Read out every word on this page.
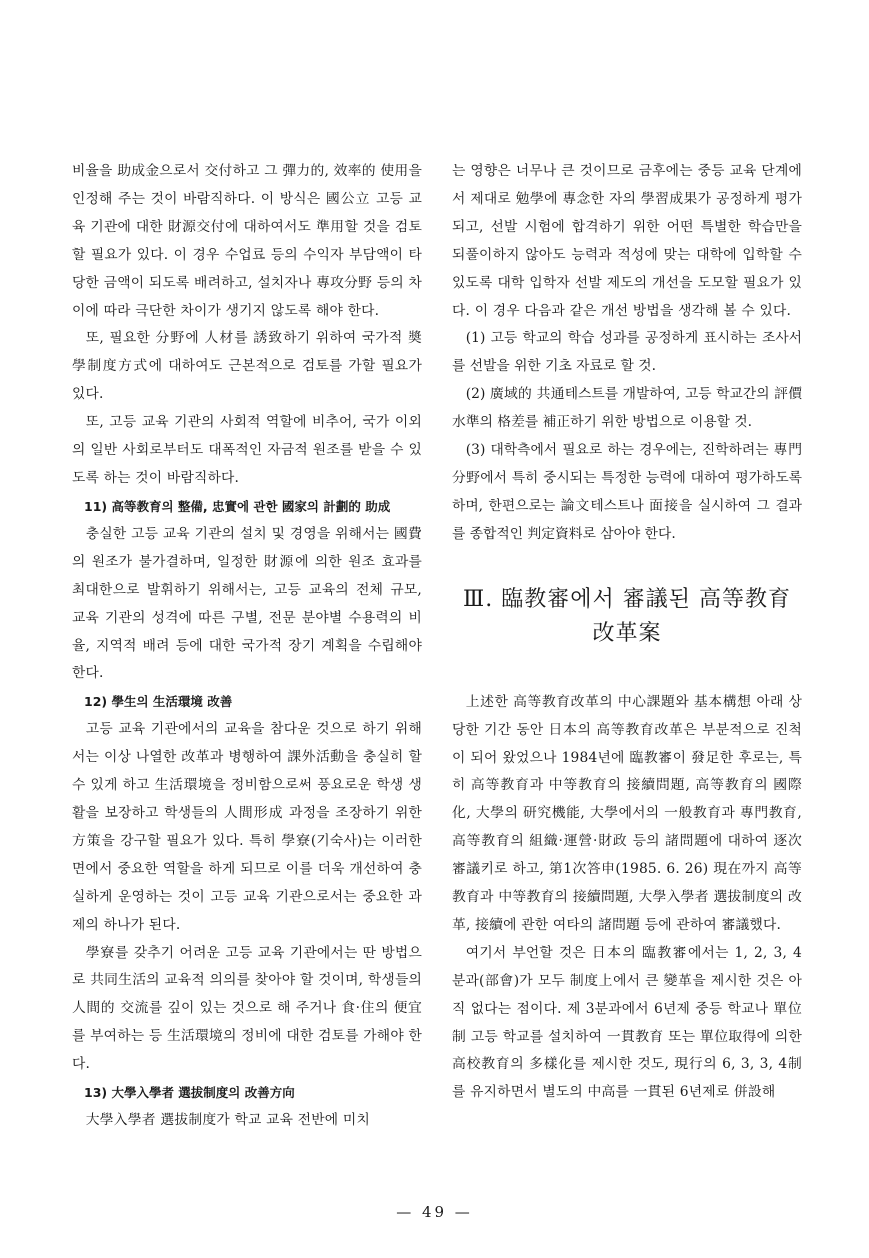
비율을 助成金으로서 交付하고 그 彈力的, 效率的 使用을 인정해 주는 것이 바람직하다. 이 방식은 國公立 고등 교육 기관에 대한 財源交付에 대하여서도 準用할 것을 검토할 필요가 있다. 이 경우 수업료 등의 수익자 부담액이 타당한 금액이 되도록 배려하고, 설치자나 專攻分野 등의 차이에 따라 극단한 차이가 생기지 않도록 해야 한다.

또, 필요한 分野에 人材를 誘致하기 위하여 국가적 奬學制度方式에 대하여도 근본적으로 검토를 가할 필요가 있다.

또, 고등 교육 기관의 사회적 역할에 비추어, 국가 이외의 일반 사회로부터도 대폭적인 자금적 원조를 받을 수 있도록 하는 것이 바람직하다.

11) 高等教育의 整備, 忠實에 관한 國家의 計劃的 助成

충실한 고등 교육 기관의 설치 및 경영을 위해서는 國費의 원조가 불가결하며, 일정한 財源에 의한 원조 효과를 최대한으로 발휘하기 위해서는, 고등 교육의 전체 규모, 교육 기관의 성격에 따른 구별, 전문 분야별 수용력의 비율, 지역적 배려 등에 대한 국가적 장기 계획을 수립해야 한다.

12) 學生의 生活環境 改善

고등 교육 기관에서의 교육을 참다운 것으로 하기 위해서는 이상 나열한 改革과 병행하여 課外活動을 충실히 할 수 있게 하고 生活環境을 정비함으로써 풍요로운 학생 생활을 보장하고 학생들의 人間形成 과정을 조장하기 위한 方策을 강구할 필요가 있다. 특히 學寮(기숙사)는 이러한 면에서 중요한 역할을 하게 되므로 이를 더욱 개선하여 충실하게 운영하는 것이 고등 교육 기관으로서는 중요한 과제의 하나가 된다.

學寮를 갖추기 어려운 고등 교육 기관에서는 딴 방법으로 共同生活의 교육적 의의를 찾아야 할 것이며, 학생들의 人間的 交流를 깊이 있는 것으로 해 주거나 食·住의 便宜를 부여하는 등 生活環境의 정비에 대한 검토를 가해야 한다.

13) 大學入學者 選拔制度의 改善方向

大學入學者 選拔制度가 학교 교육 전반에 미치

는 영향은 너무나 큰 것이므로 금후에는 중등 교육 단계에서 제대로 勉學에 專念한 자의 學習成果가 공정하게 평가되고, 선발 시험에 합격하기 위한 어떤 특별한 학습만을 되풀이하지 않아도 능력과 적성에 맞는 대학에 입학할 수 있도록 대학 입학자 선발 제도의 개선을 도모할 필요가 있다. 이 경우 다음과 같은 개선 방법을 생각해 볼 수 있다.

(1) 고등 학교의 학습 성과를 공정하게 표시하는 조사서를 선발을 위한 기초 자료로 할 것.

(2) 廣域的 共通테스트를 개발하여, 고등 학교간의 評價水準의 格差를 補正하기 위한 방법으로 이용할 것.

(3) 대학측에서 필요로 하는 경우에는, 진학하려는 專門分野에서 특히 중시되는 특정한 능력에 대하여 평가하도록 하며, 한편으로는 論文테스트나 面接을 실시하여 그 결과를 종합적인 判定資料로 삼아야 한다.

Ⅲ. 臨教審에서 審議된 高等教育
改革案

上述한 高等教育改革의 中心課題와 基本構想 아래 상당한 기간 동안 日本의 高等教育改革은 부분적으로 진척이 되어 왔었으나 1984년에 臨教審이 發足한 후로는, 특히 高等教育과 中等教育의 接續問題, 高等教育의 國際化, 大學의 研究機能, 大學에서의 一般教育과 專門教育, 高等教育의 組織·運營·財政 등의 諸問題에 대하여 逐次審議키로 하고, 第1次答申(1985. 6. 26) 現在까지 高等教育과 中等教育의 接續問題, 大學入學者 選拔制度의 改革, 接續에 관한 여타의 諸問題 등에 관하여 審議했다.

여기서 부언할 것은 日本의 臨教審에서는 1, 2, 3, 4 분과(部會)가 모두 制度上에서 큰 變革을 제시한 것은 아직 없다는 점이다. 제 3분과에서 6년제 중등 학교나 單位制 고등 학교를 설치하여 一貫教育 또는 單位取得에 의한 高校教育의 多樣化를 제시한 것도, 現行의 6, 3, 3, 4制를 유지하면서 별도의 中高를 一貫된 6년제로 併設해

— 49 —
